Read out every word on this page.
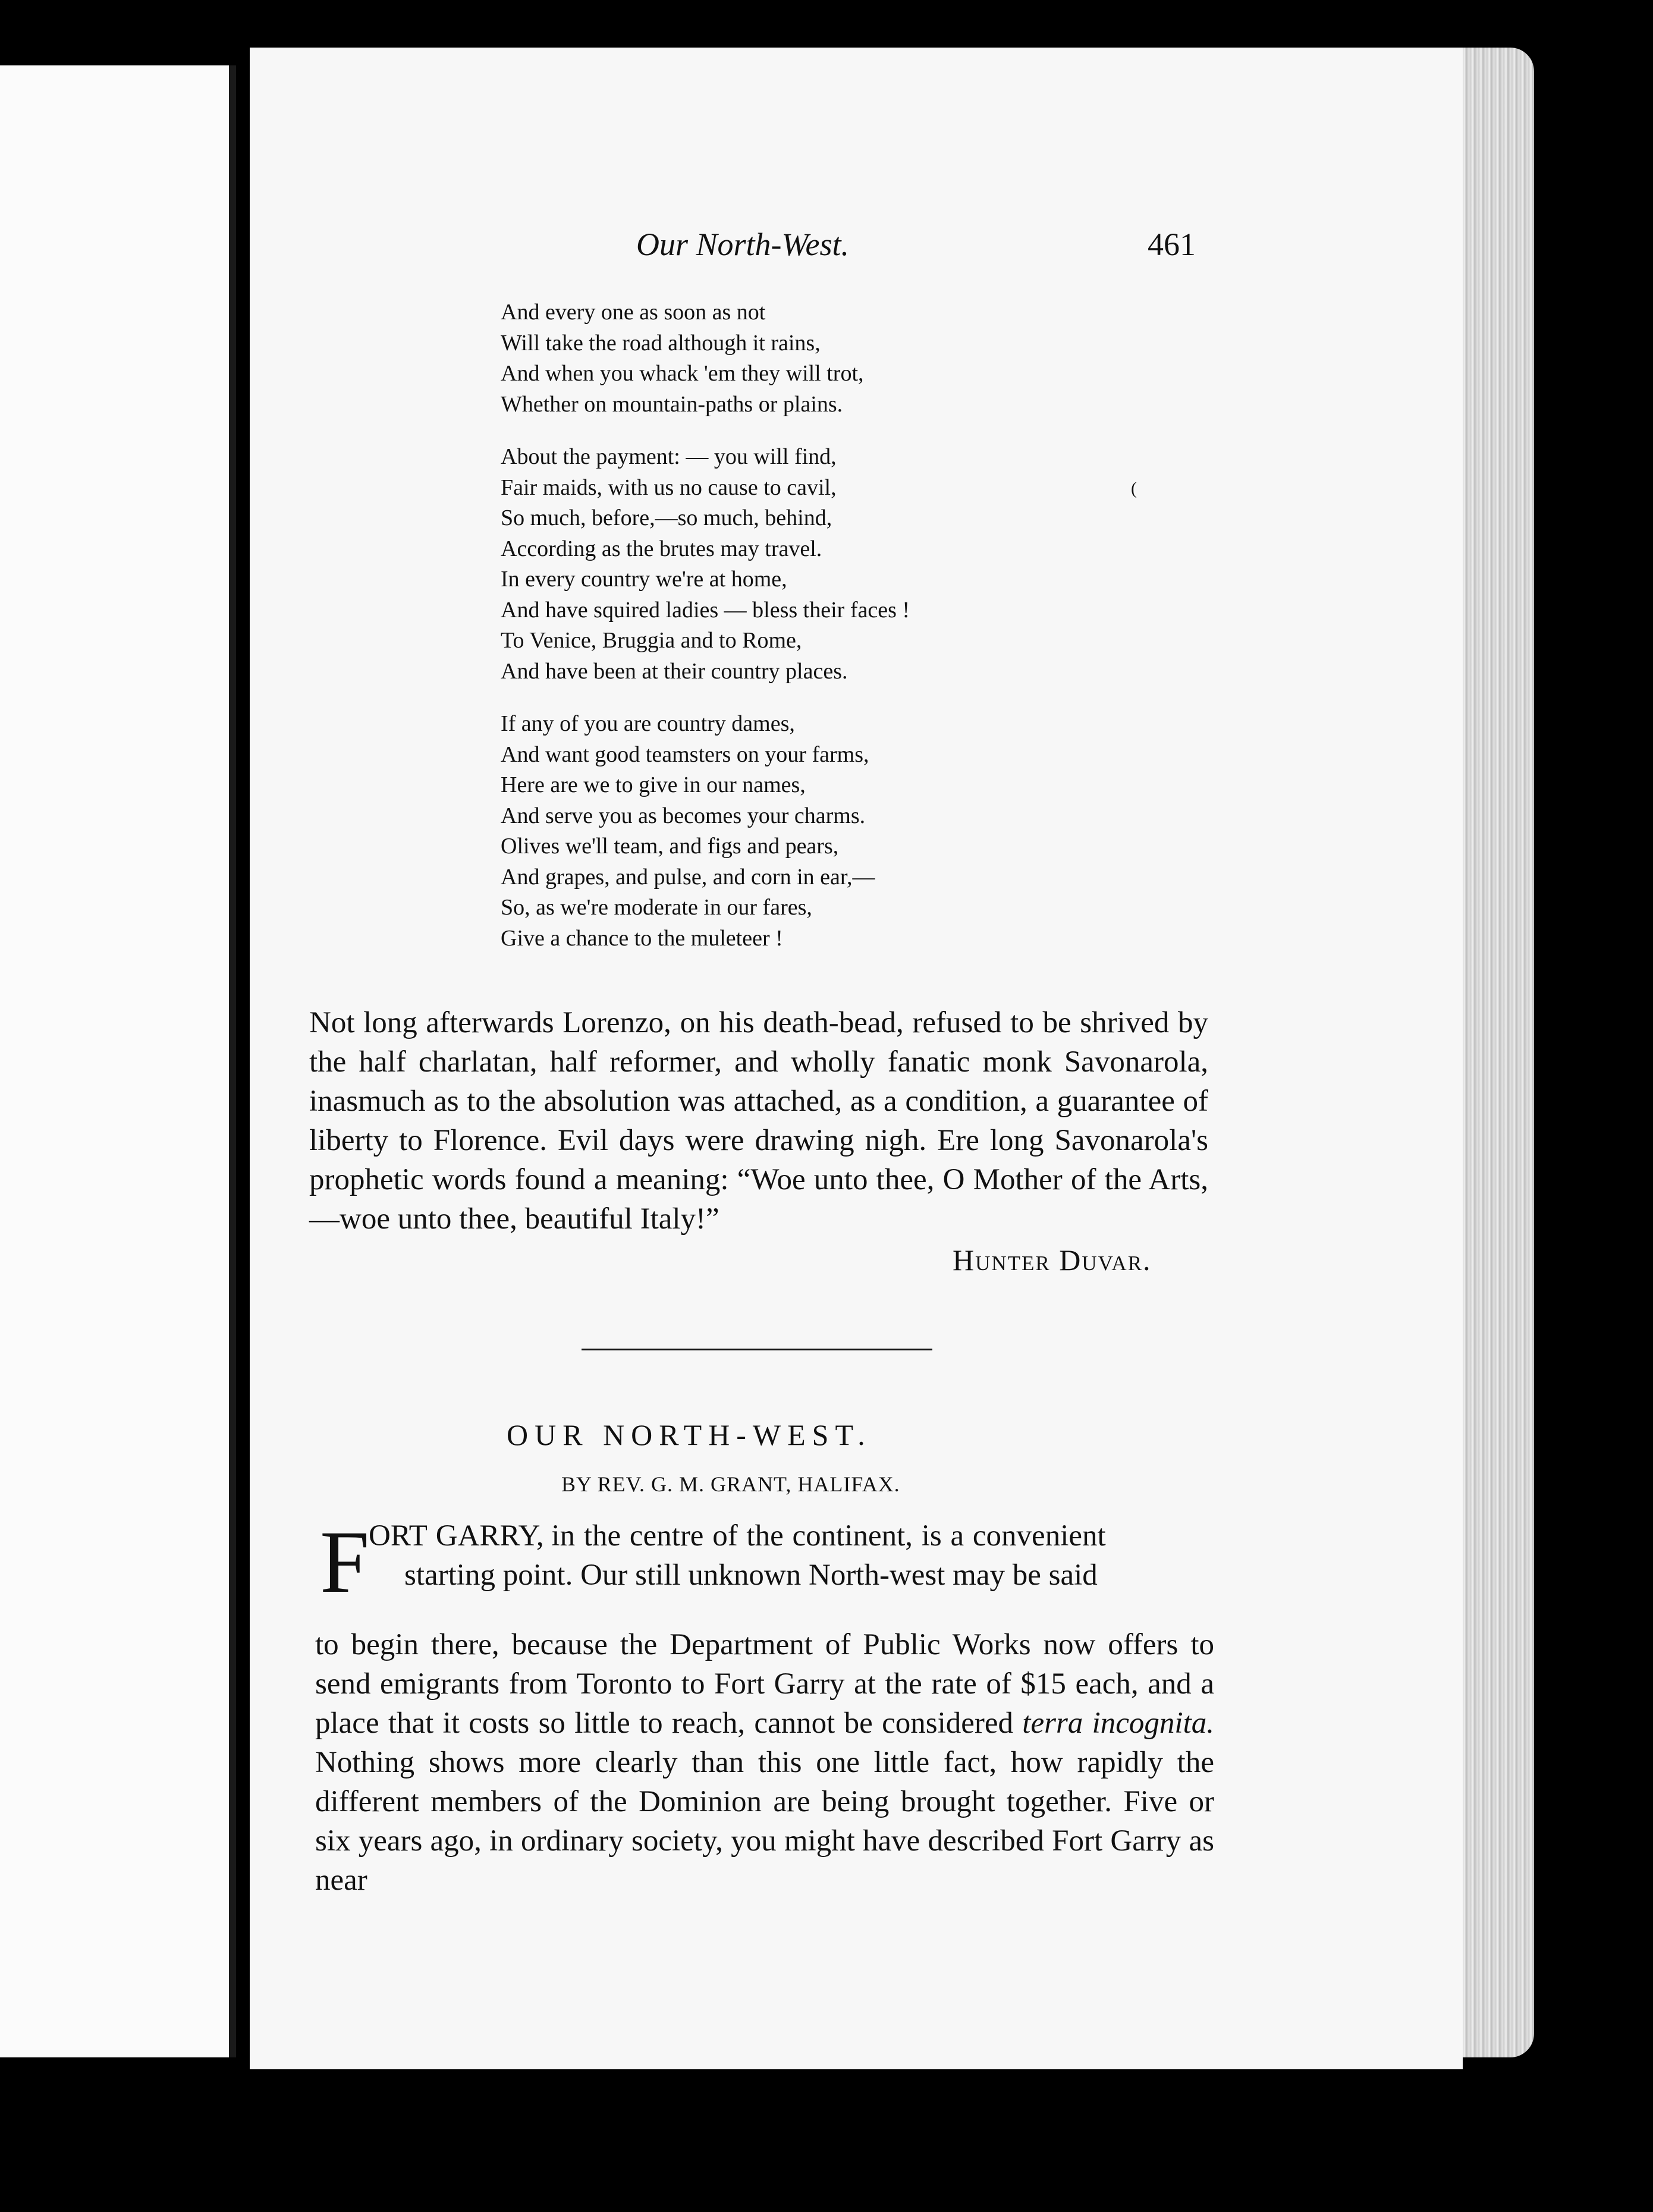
Our North-West.	461
And every one as soon as not
Will take the road although it rains,
And when you whack 'em they will trot,
Whether on mountain-paths or plains.
About the payment: — you will find,
Fair maids, with us no cause to cavil,
So much, before,—so much, behind,
According as the brutes may travel.
In every country we're at home,
And have squired ladies — bless their faces !
To Venice, Bruggia and to Rome,
And have been at their country places.
If any of you are country dames,
And want good teamsters on your farms,
Here are we to give in our names,
And serve you as becomes your charms.
Olives we'll team, and figs and pears,
And grapes, and pulse, and corn in ear,—
So, as we're moderate in our fares,
Give a chance to the muleteer !
(

Not long afterwards Lorenzo, on his death-bead, refused to be shrived by the half charlatan, half reformer, and wholly fanatic monk Savonarola, inasmuch as to the absolution was attached, as a condition, a guarantee of liberty to Florence. Evil days were drawing nigh. Ere long Savonarola's prophetic words found a meaning: “Woe unto thee, O Mother of the Arts,—woe unto thee, beautiful Italy!”

Hunter Duvar.
OUR NORTH-WEST.
BY REV. G. M. GRANT, HALIFAX.
F
ORT GARRY, in the centre of the continent, is a convenient
starting point. Our still unknown North-west may be said

to begin there, because the Department of Public Works now offers to send emigrants from Toronto to Fort Garry at the rate of $15 each, and a place that it costs so little to reach, cannot be considered terra incognita. Nothing shows more clearly than this one little fact, how rapidly the different members of the Dominion are being brought together. Five or six years ago, in ordinary society, you might have described Fort Garry as near
